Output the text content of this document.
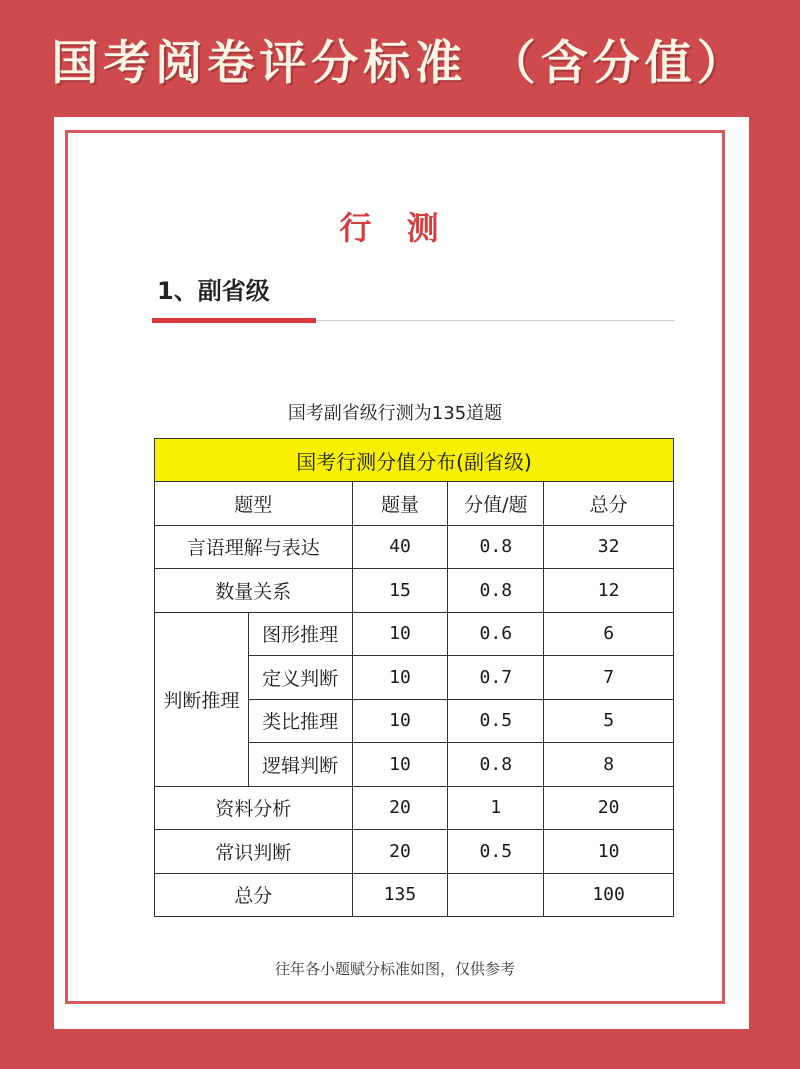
国考阅卷评分标准 （含分值）
行 测
1、副省级
国考副省级行测为135道题
国考行测分值分布(副省级)				
题型		题量	分值/题	总分
言语理解与表达		40	0.8	32
数量关系		15	0.8	12
判断推理	图形推理	10	0.6	6
	定义判断	10	0.7	7
	类比推理	10	0.5	5
	逻辑判断	10	0.8	8
资料分析		20	1	20
常识判断		20	0.5	10
总分		135		100
往年各小题赋分标准如图，仅供参考
